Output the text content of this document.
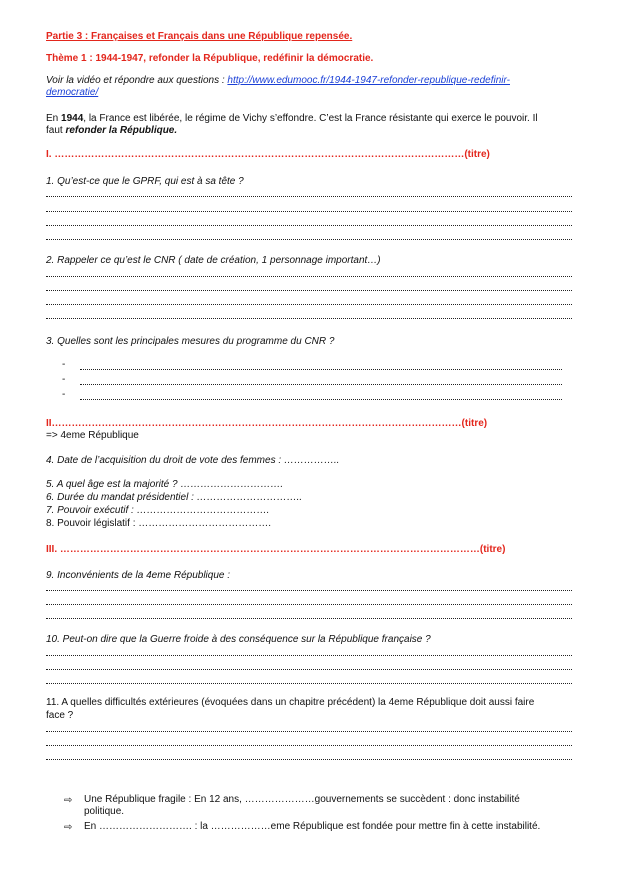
Partie 3 : Françaises et Français dans une République repensée.
Thème 1 : 1944-1947, refonder la République, redéfinir la démocratie.
Voir la vidéo et répondre aux questions : http://www.edumooc.fr/1944-1947-refonder-republique-redefinir-
democratie/
En 1944, la France est libérée, le régime de Vichy s’effondre. C’est la France résistante qui exerce le pouvoir. Il
faut refonder la République.
I. ……………………………………………………………………………………………………………(titre)
1. Qu’est-ce que le GPRF, qui est à sa tête ?
2. Rappeler ce qu’est le CNR ( date de création, 1 personnage important…)
3. Quelles sont les principales mesures du programme du CNR ?
-
-
-
II……………………………………………………………………………………………………………(titre)
=> 4eme République
4. Date de l’acquisition du droit de vote des femmes : ……………..
5. A quel âge est la majorité ? ………………………….
6. Durée du mandat présidentiel : …………………………..
7. Pouvoir exécutif : ………………………………….
8. Pouvoir législatif : ………………………………….
III. ………………………………………………………………………………………………………………(titre)
9. Inconvénients de la 4eme République :
10. Peut-on dire que la Guerre froide à des conséquence sur la République française ?
11. A quelles difficultés extérieures (évoquées dans un chapitre précédent) la 4eme République doit aussi faire
face ?
⇨ Une République fragile : En 12 ans, …………………gouvernements se succèdent : donc instabilité
politique.
⇨ En ………………………. : la ………………eme République est fondée pour mettre fin à cette instabilité.
